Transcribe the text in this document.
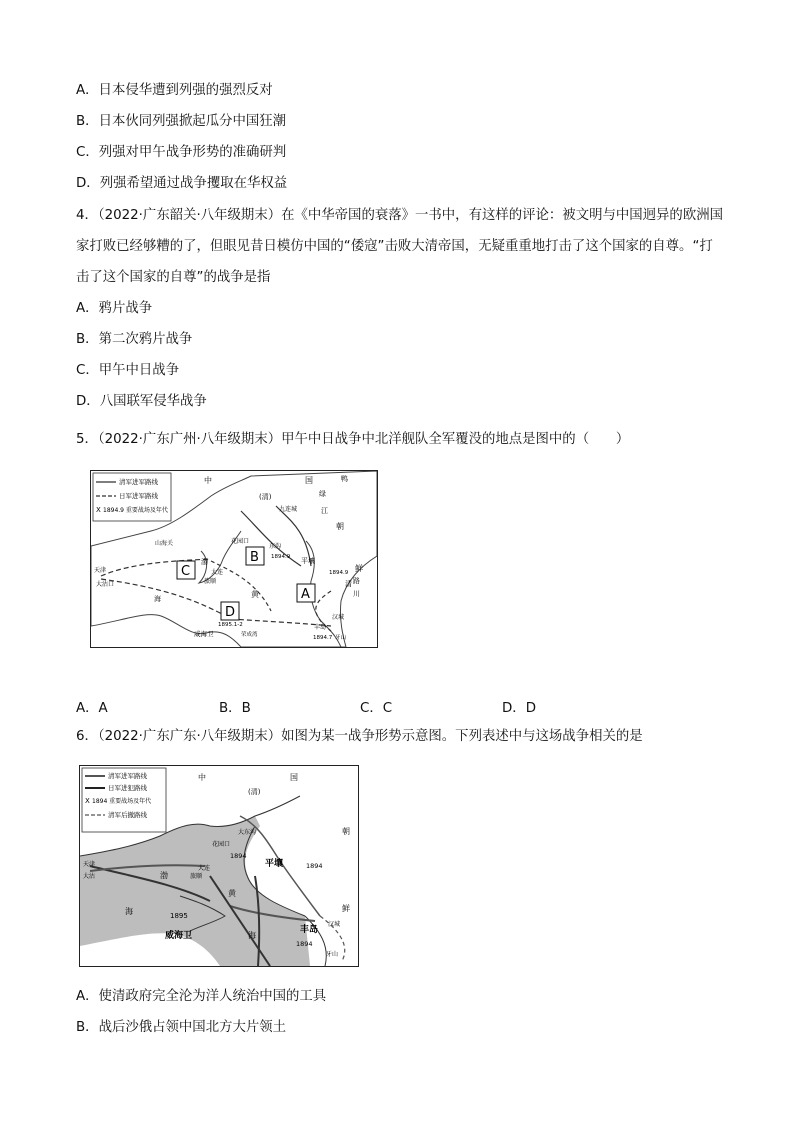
A．日本侵华遭到列强的强烈反对
B．日本伙同列强掀起瓜分中国狂潮
C．列强对甲午战争形势的准确研判
D．列强希望通过战争攫取在华权益
4．（2022·广东韶关·八年级期末）在《中华帝国的衰落》一书中，有这样的评论：被文明与中国迥异的欧洲国家打败已经够糟的了，但眼见昔日模仿中国的“倭寇”击败大清帝国，无疑重重地打击了这个国家的自尊。“打击了这个国家的自尊”的战争是指
A．鸦片战争
B．第二次鸦片战争
C．甲午中日战争
D．八国联军侵华战争
5．（2022·广东广州·八年级期末）甲午中日战争中北洋舰队全军覆没的地点是图中的（　　）
X
清军进军路线
日军进军路线
1894.9 重要战场及年代
中
(清)
国	鸭
绿
江
九连城
朝
花园口
东沟
1894.9
鲜
平壤
1894.9
山海关
天津
大沽口	旅顺
大连
渤
海	黄
1895.1-2
威海卫	荣成湾
汉城
丰岛
1894.7 牙山
清
川
路
A
B
C
D
A．A	B．B	C．C	D．D
6．（2022·广东广东·八年级期末）如图为某一战争形势示意图。下列表述中与这场战争相关的是
X
清军进军路线
日军进犯路线
1894 重要战场及年代
清军后撤路线
中
(清)
国
朝
天津
大沽	渤
海
花园口
大东沟
旅顺
大连
黄
1894
平壤	1894
1895
威海卫	海
汉城
丰岛
1894
牙山
鲜
A．使清政府完全沦为洋人统治中国的工具
B．战后沙俄占领中国北方大片领土
